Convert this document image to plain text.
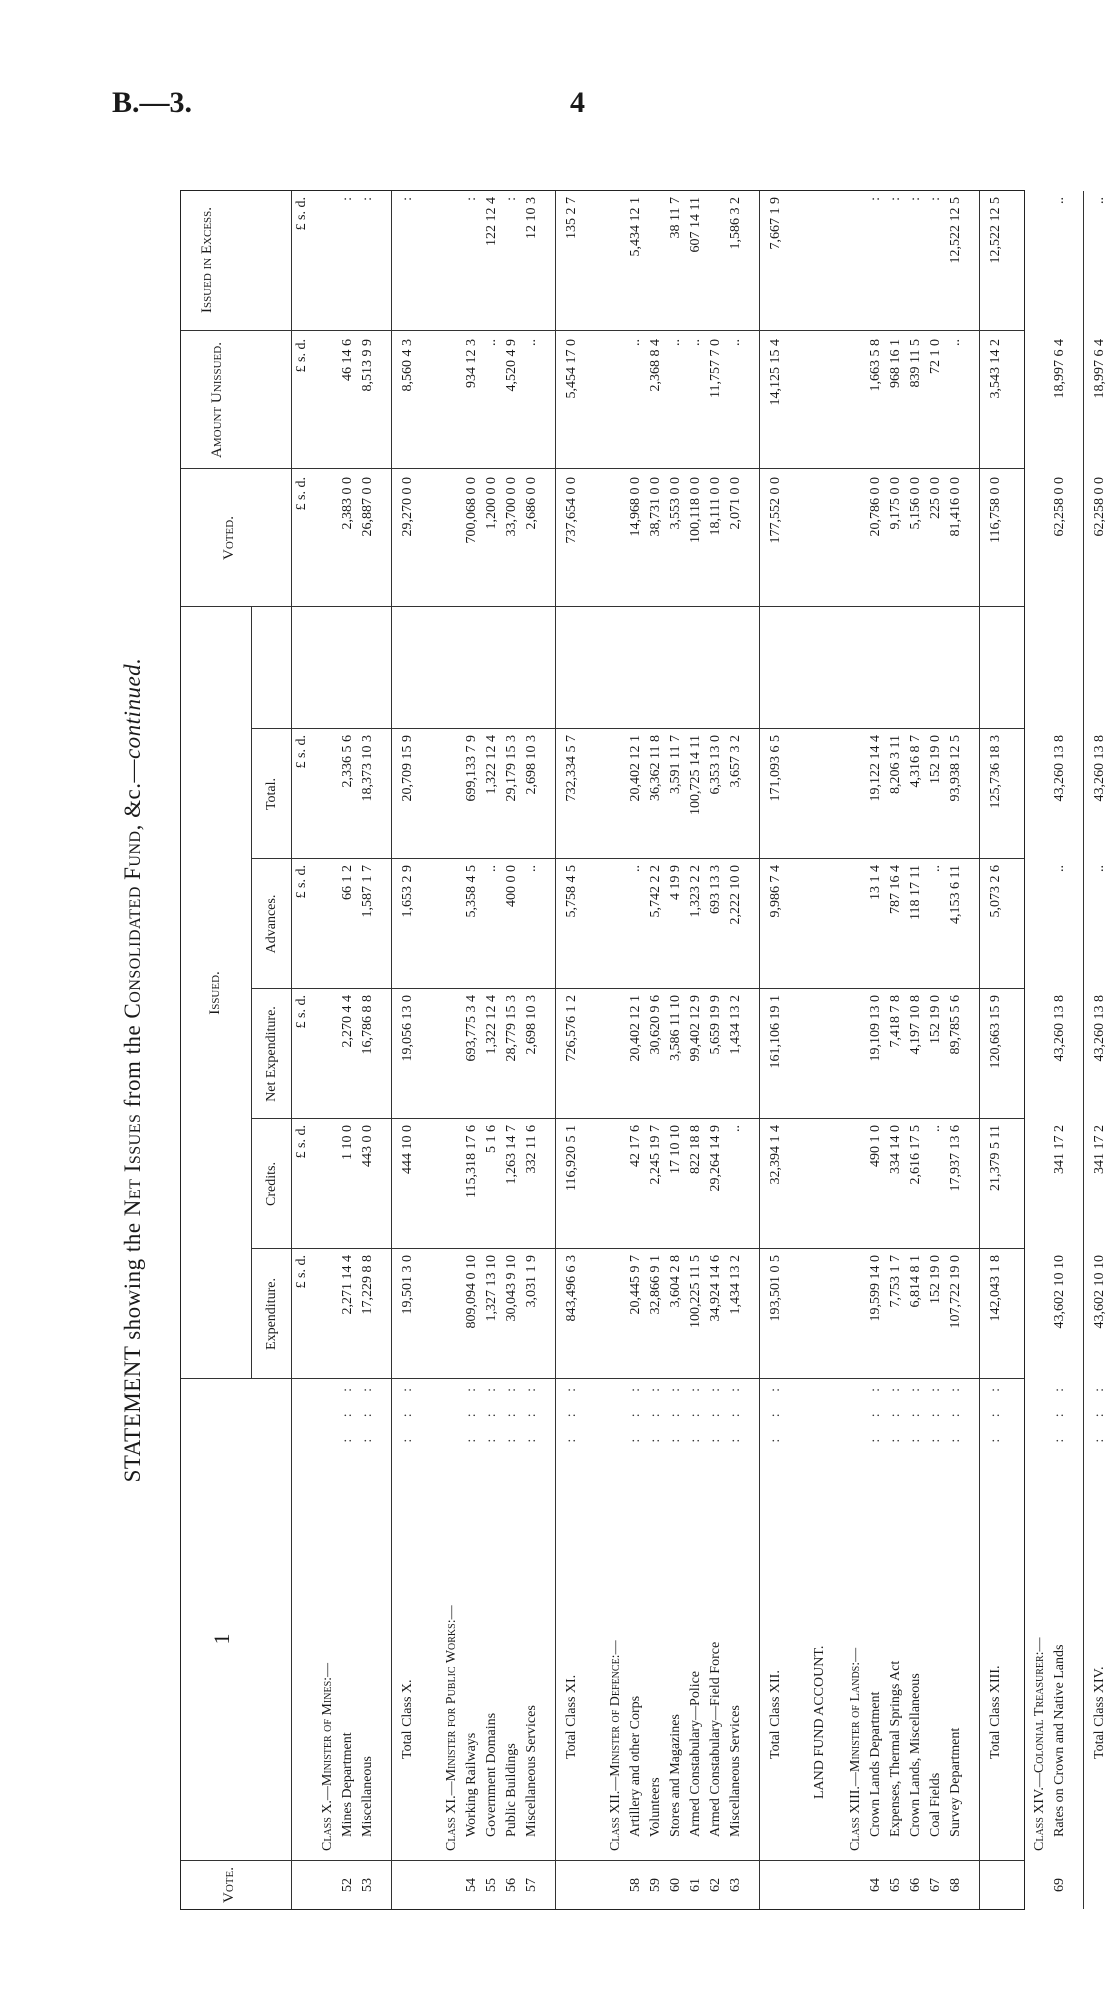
B.—3.	4
STATEMENT showing the Net Issues from the Consolidated Fund, &c.—continued.
Vote.
1
Issued.
Expenditure.
Credits.
Net Expenditure.
Advances.
Total.
Voted.
Amount Unissued.
Issued in Excess.
£ s. d.
£ s. d.
£ s. d.
£ s. d.
£ s. d.
£ s. d.
£ s. d.
£ s. d.
Class X.—Minister of Mines:—
52
Mines Department
: : :
2,271 14 4
1 10 0
2,270 4 4
66 1 2
2,336 5 6
2,383 0 0
46 14 6
:
53
Miscellaneous
: : :
17,229 8 8
443 0 0
16,786 8 8
1,587 1 7
18,373 10 3
26,887 0 0
8,513 9 9
:
Total Class X.
: : :
19,501 3 0
444 10 0
19,056 13 0
1,653 2 9
20,709 15 9
29,270 0 0
8,560 4 3
:
Class XI.—Minister for Public Works:—
54
Working Railways
: : :
809,094 0 10
115,318 17 6
693,775 3 4
5,358 4 5
699,133 7 9
700,068 0 0
934 12 3
:
55
Government Domains
: : :
1,327 13 10
5 1 6
1,322 12 4
..
1,322 12 4
1,200 0 0
..
122 12 4
56
Public Buildings
: : :
30,043 9 10
1,263 14 7
28,779 15 3
400 0 0
29,179 15 3
33,700 0 0
4,520 4 9
:
57
Miscellaneous Services
: : :
3,031 1 9
332 11 6
2,698 10 3
..
2,698 10 3
2,686 0 0
..
12 10 3
Total Class XI.
: : :
843,496 6 3
116,920 5 1
726,576 1 2
5,758 4 5
732,334 5 7
737,654 0 0
5,454 17 0
135 2 7
Class XII.—Minister of Defence:—
58
Artillery and other Corps
: : :
20,445 9 7
42 17 6
20,402 12 1
..
20,402 12 1
14,968 0 0
..
5,434 12 1
59
Volunteers
: : :
32,866 9 1
2,245 19 7
30,620 9 6
5,742 2 2
36,362 11 8
38,731 0 0
2,368 8 4
60
Stores and Magazines
: : :
3,604 2 8
17 10 10
3,586 11 10
4 19 9
3,591 11 7
3,553 0 0
..
38 11 7
61
Armed Constabulary—Police
: : :
100,225 11 5
822 18 8
99,402 12 9
1,323 2 2
100,725 14 11
100,118 0 0
..
607 14 11
62
Armed Constabulary—Field Force
: : :
34,924 14 6
29,264 14 9
5,659 19 9
693 13 3
6,353 13 0
18,111 0 0
11,757 7 0
63
Miscellaneous Services
: : :
1,434 13 2
..
1,434 13 2
2,222 10 0
3,657 3 2
2,071 0 0
..
1,586 3 2
Total Class XII.
: : :
193,501 0 5
32,394 1 4
161,106 19 1
9,986 7 4
171,093 6 5
177,552 0 0
14,125 15 4
7,667 1 9
LAND FUND ACCOUNT. Class XIII.—Minister of Lands:—
64
Crown Lands Department
: : :
19,599 14 0
490 1 0
19,109 13 0
13 1 4
19,122 14 4
20,786 0 0
1,663 5 8
:
65
Expenses, Thermal Springs Act
: : :
7,753 1 7
334 14 0
7,418 7 8
787 16 4
8,206 3 11
9,175 0 0
968 16 1
:
66
Crown Lands, Miscellaneous
: : :
6,814 8 1
2,616 17 5
4,197 10 8
118 17 11
4,316 8 7
5,156 0 0
839 11 5
:
67
Coal Fields
: : :
152 19 0
..
152 19 0
..
152 19 0
225 0 0
72 1 0
:
68
Survey Department
: : :
107,722 19 0
17,937 13 6
89,785 5 6
4,153 6 11
93,938 12 5
81,416 0 0
..
12,522 12 5
Total Class XIII.
: : :
142,043 1 8
21,379 5 11
120,663 15 9
5,073 2 6
125,736 18 3
116,758 0 0
3,543 14 2
12,522 12 5
Class XIV.—Colonial Treasurer:—
69
Rates on Crown and Native Lands
: : :
43,602 10 10
341 17 2
43,260 13 8
..
43,260 13 8
62,258 0 0
18,997 6 4
..
Total Class XIV.
: : :
43,602 10 10
341 17 2
43,260 13 8
..
43,260 13 8
62,258 0 0
18,997 6 4
..
